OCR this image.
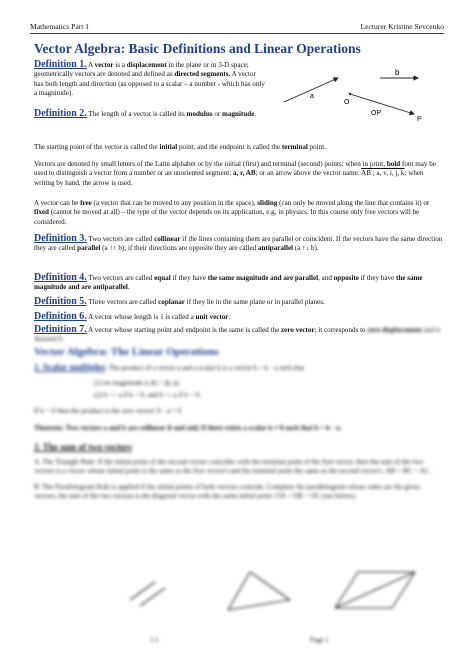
Mathematics Part 1	Lecturer Kristine Sevcenko
Vector Algebra: Basic Definitions and Linear Operations
Definition 1. A vector is a displacement in the plane or in 3-D space; geometrically vectors are denoted and defined as directed segments. A vector has both length and direction (as opposed to a scalar – a number - which has only a magnitude).
Definition 2. The length of a vector is called its modulus or magnitude.
b
a
O
OP
P
The starting point of the vector is called the initial point, and the endpoint is called the terminal point.
Vectors are denoted by small letters of the Latin alphabet or by the initial (first) and terminal (second) points; when in print, bold font may be used to distinguish a vector from a number or an unoriented segment: a, r, AB; or an arrow above the vector name: AB ; a, v, i, j, k; when writing by hand, the arrow is used.
A vector can be free (a vector that can be moved to any position in the space), sliding (can only be moved along the line that contains it) or fixed (cannot be moved at all) – the type of the vector depends on its application, e.g, in physics. In this course only free vectors will be considered.
Definition 3. Two vectors are called collinear if the lines containing them are parallel or coincident. If the vectors have the same direction they are called parallel (a ↑↑ b); if their directions are opposite they are called antiparallel (a ↑↓ b).
Definition 4. Two vectors are called equal if they have the same magnitude and are parallel, and opposite if they have the same magnitude and are antiparallel.
Definition 5. Three vectors are called coplanar if they lie in the same plane or in parallel planes.
Definition 6. A vector whose length is 1 is called a unit vector.
Definition 7. A vector whose starting point and endpoint is the same is called the zero vector; it corresponds to zero displacement and is denoted 0.
Vector Algebra: The Linear Operations
1. Scalar multiples: The product of a vector a and a scalar k is a vector b = k · a such that
(1) its magnitude is |b| = |k| |a|
(2) b ↑↑ a if k > 0, and b ↑↓ a if k < 0.
If k = 0 then the product is the zero vector: 0 · a = 0
Theorem: Two vectors a and b are collinear if and only if there exists a scalar k ≠ 0 such that b = k · a.
2. The sum of two vectors
A. The Triangle Rule: If the initial point of the second vector coincides with the terminal point of the first vector, then the sum of the two vectors is a vector whose initial point is the same as the first vector's and the terminal point the same as the second vector's. AB + BC = AC .
B. The Parallelogram Rule is applied if the initial points of both vectors coincide. Complete the parallelogram whose sides are the given vectors; the sum of the two vectors is the diagonal vector with the same initial point: OA + OB = OC (see below).
1.1	Page 1
